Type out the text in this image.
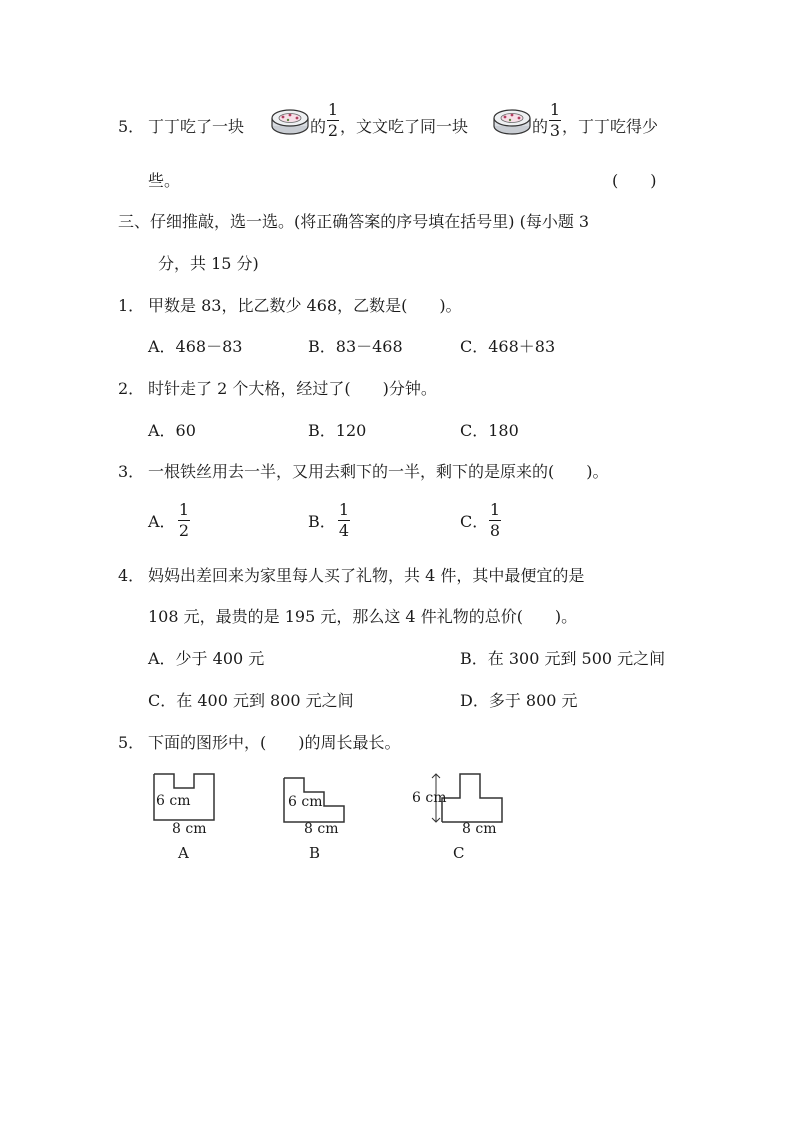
5． 丁丁吃了一块	的
1
2 ，文文吃了同一块	的
1
3 ，丁丁吃得少
些。	(　　)
三、仔细推敲，选一选。(将正确答案的序号填在括号里) (每小题 3
分，共 15 分)
1． 甲数是 83，比乙数少 468，乙数是(　　)。
A．468－83	B．83－468	C．468＋83
2． 时针走了 2 个大格，经过了(　　)分钟。
A．60	B．120	C．180
3． 一根铁丝用去一半，又用去剩下的一半，剩下的是原来的(　　)。
A．
1
2	B．
1
4	C．
1
8
4． 妈妈出差回来为家里每人买了礼物，共 4 件，其中最便宜的是
108 元，最贵的是 195 元，那么这 4 件礼物的总价(　　)。
A．少于 400 元	B．在 300 元到 500 元之间
C．在 400 元到 800 元之间	D．多于 800 元
5． 下面的图形中，(　　)的周长最长。
6 cm
8 cm
A
6 cm
8 cm
B
6 cm
8 cm
C
